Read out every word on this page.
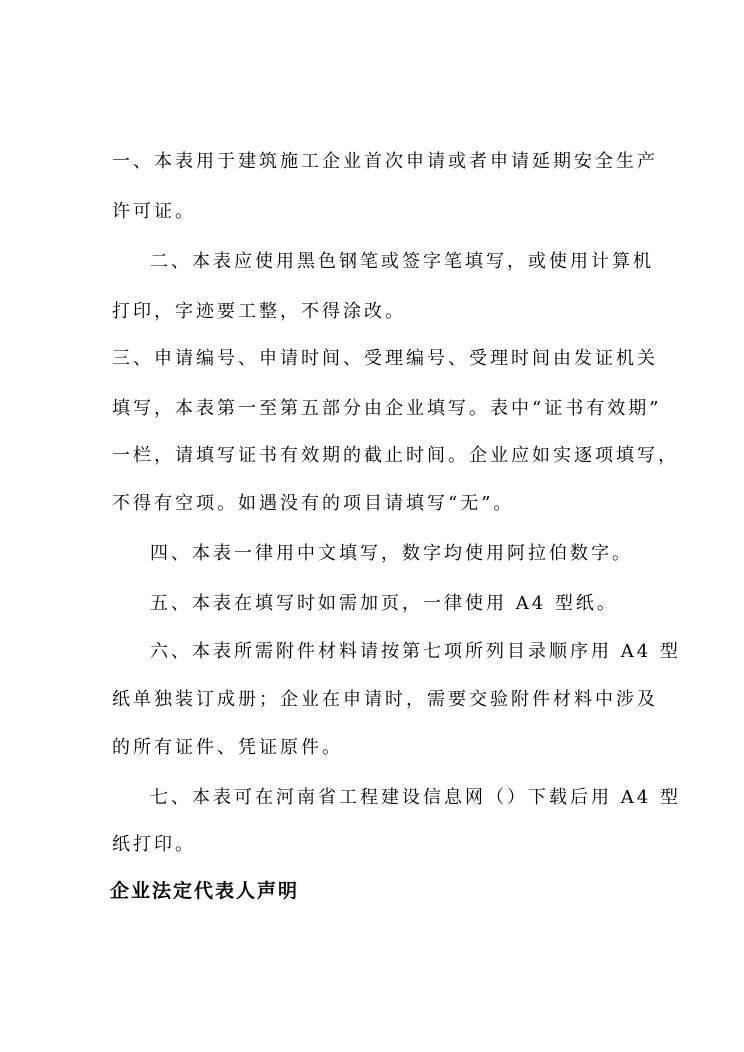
一、本表用于建筑施工企业首次申请或者申请延期安全生产
许可证。
二、本表应使用黑色钢笔或签字笔填写，或使用计算机
打印，字迹要工整，不得涂改。
三、申请编号、申请时间、受理编号、受理时间由发证机关
填写，本表第一至第五部分由企业填写。表中“证书有效期”
一栏，请填写证书有效期的截止时间。企业应如实逐项填写，
不得有空项。如遇没有的项目请填写“无”。
四、本表一律用中文填写，数字均使用阿拉伯数字。
五、本表在填写时如需加页，一律使用 A4 型纸。
六、本表所需附件材料请按第七项所列目录顺序用 A4 型
纸单独装订成册；企业在申请时，需要交验附件材料中涉及
的所有证件、凭证原件。
七、本表可在河南省工程建设信息网（）下载后用 A4 型
纸打印。
企业法定代表人声明
